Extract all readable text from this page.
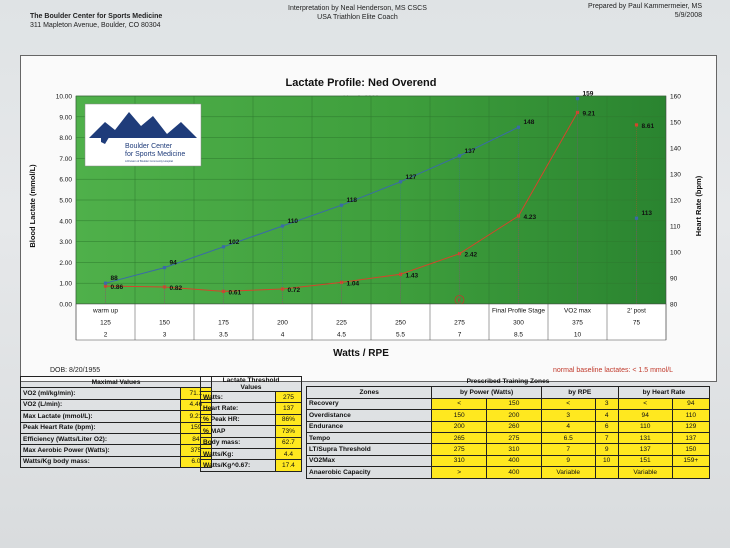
The Boulder Center for Sports Medicine
311 Mapleton Avenue, Boulder, CO 80304
Interpretation by Neal Henderson, MS CSCS
USA Triathlon Elite Coach
Prepared by Paul Kammermeier, MS
5/9/2008
Lactate Profile: Ned Overend
0.00
1.00
2.00
3.00
4.00
5.00
6.00
7.00
8.00
9.00
10.00
80
90
100
110
120
130
140
150
160
Blood Lactate (mmol/L)	Heart Rate (bpm)
Boulder Center
for Sports Medicine
A Division of Boulder Community Hospital
0.86	0.82
0.61	0.72
1.04
1.43
2.42
4.23
9.21
8.61
88
94
102
110
118
127
137
148
159
113
K
warm up
125
2
150
3
175
3.5
200
4
225
4.5
250
5.5
275
7
Final Profile Stage
300
8.5
VO2 max
375
10
2' post
75
Watts / RPE
DOB: 8/20/1955	normal baseline lactates: < 1.5 mmol/L
Maximal Values	
VO2 (ml/kg/min):	71.1
VO2 (L/min):	4.46
Max Lactate (mmol/L):	9.21
Peak Heart Rate (bpm):	159
Efficiency (Watts/Liter O2):	84
Max Aerobic Power (Watts):	375
Watts/Kg body mass:	6.0
Lactate Threshold
Values	
Watts:	275
Heart Rate:	137
% Peak HR:	86%
% MAP	73%
Body mass:	62.7
Watts/Kg:	4.4
Watts/Kg^0.67:	17.4
Prescribed Training Zones						
Zones	by Power (Watts)		by RPE		by Heart Rate	
Recovery	<	150	<	3	<	94
Overdistance	150	200	3	4	94	110
Endurance	200	260	4	6	110	129
Tempo	265	275	6.5	7	131	137
LT/Supra Threshold	275	310	7	9	137	150
VO2Max	310	400	9	10	151	159+
Anaerobic Capacity	>	400	Variable		Variable	
